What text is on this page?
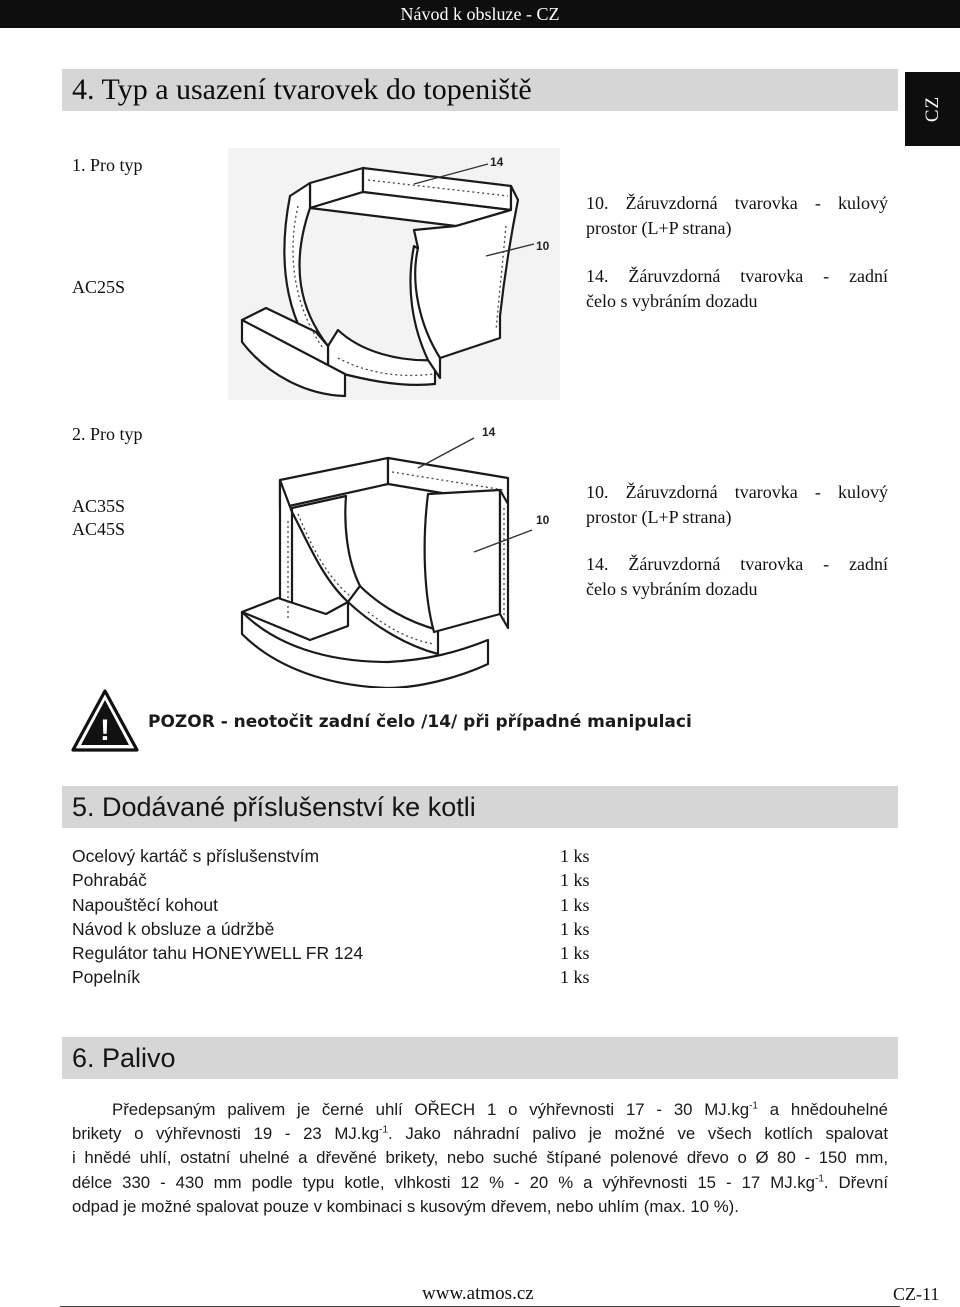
Návod k obsluze - CZ
CZ
4. Typ a usazení tvarovek do topeniště
1. Pro typ
AC25S
14
10
10. Žáruvzdorná tvarovka - kulový
prostor (L+P strana)
14. Žáruvzdorná tvarovka - zadní
čelo s vybráním dozadu
2. Pro typ
AC35S
AC45S
14
10
10. Žáruvzdorná tvarovka - kulový
prostor (L+P strana)
14. Žáruvzdorná tvarovka - zadní
čelo s vybráním dozadu
! POZOR - neotočit zadní čelo /14/ při případné manipulaci
5. Dodávané příslušenství ke kotli
Ocelový kartáč s příslušenstvím
Pohrabáč
Napouštěcí kohout
Návod k obsluze a údržbě
Regulátor tahu HONEYWELL FR 124
Popelník
1 ks
1 ks
1 ks
1 ks
1 ks
1 ks
6. Palivo

Předepsaným palivem je černé uhlí OŘECH 1 o výhřevnosti 17 - 30 $MJ.kg^{-1}$ a hnědouhelné

brikety o výhřevnosti 19 - 23 $MJ.kg^{-1}$. Jako náhradní palivo je možné ve všech kotlích spalovat

i hnědé uhlí, ostatní uhelné a dřevěné brikety, nebo suché štípané polenové dřevo o Ø 80 - 150 mm,

délce 330 - 430 mm podle typu kotle, vlhkosti 12 % - 20 % a výhřevnosti 15 - 17 $MJ.kg^{-1}$. Dřevní

odpad je možné spalovat pouze v kombinaci s kusovým dřevem, nebo uhlím (max. 10 %).

www.atmos.cz	CZ-11
